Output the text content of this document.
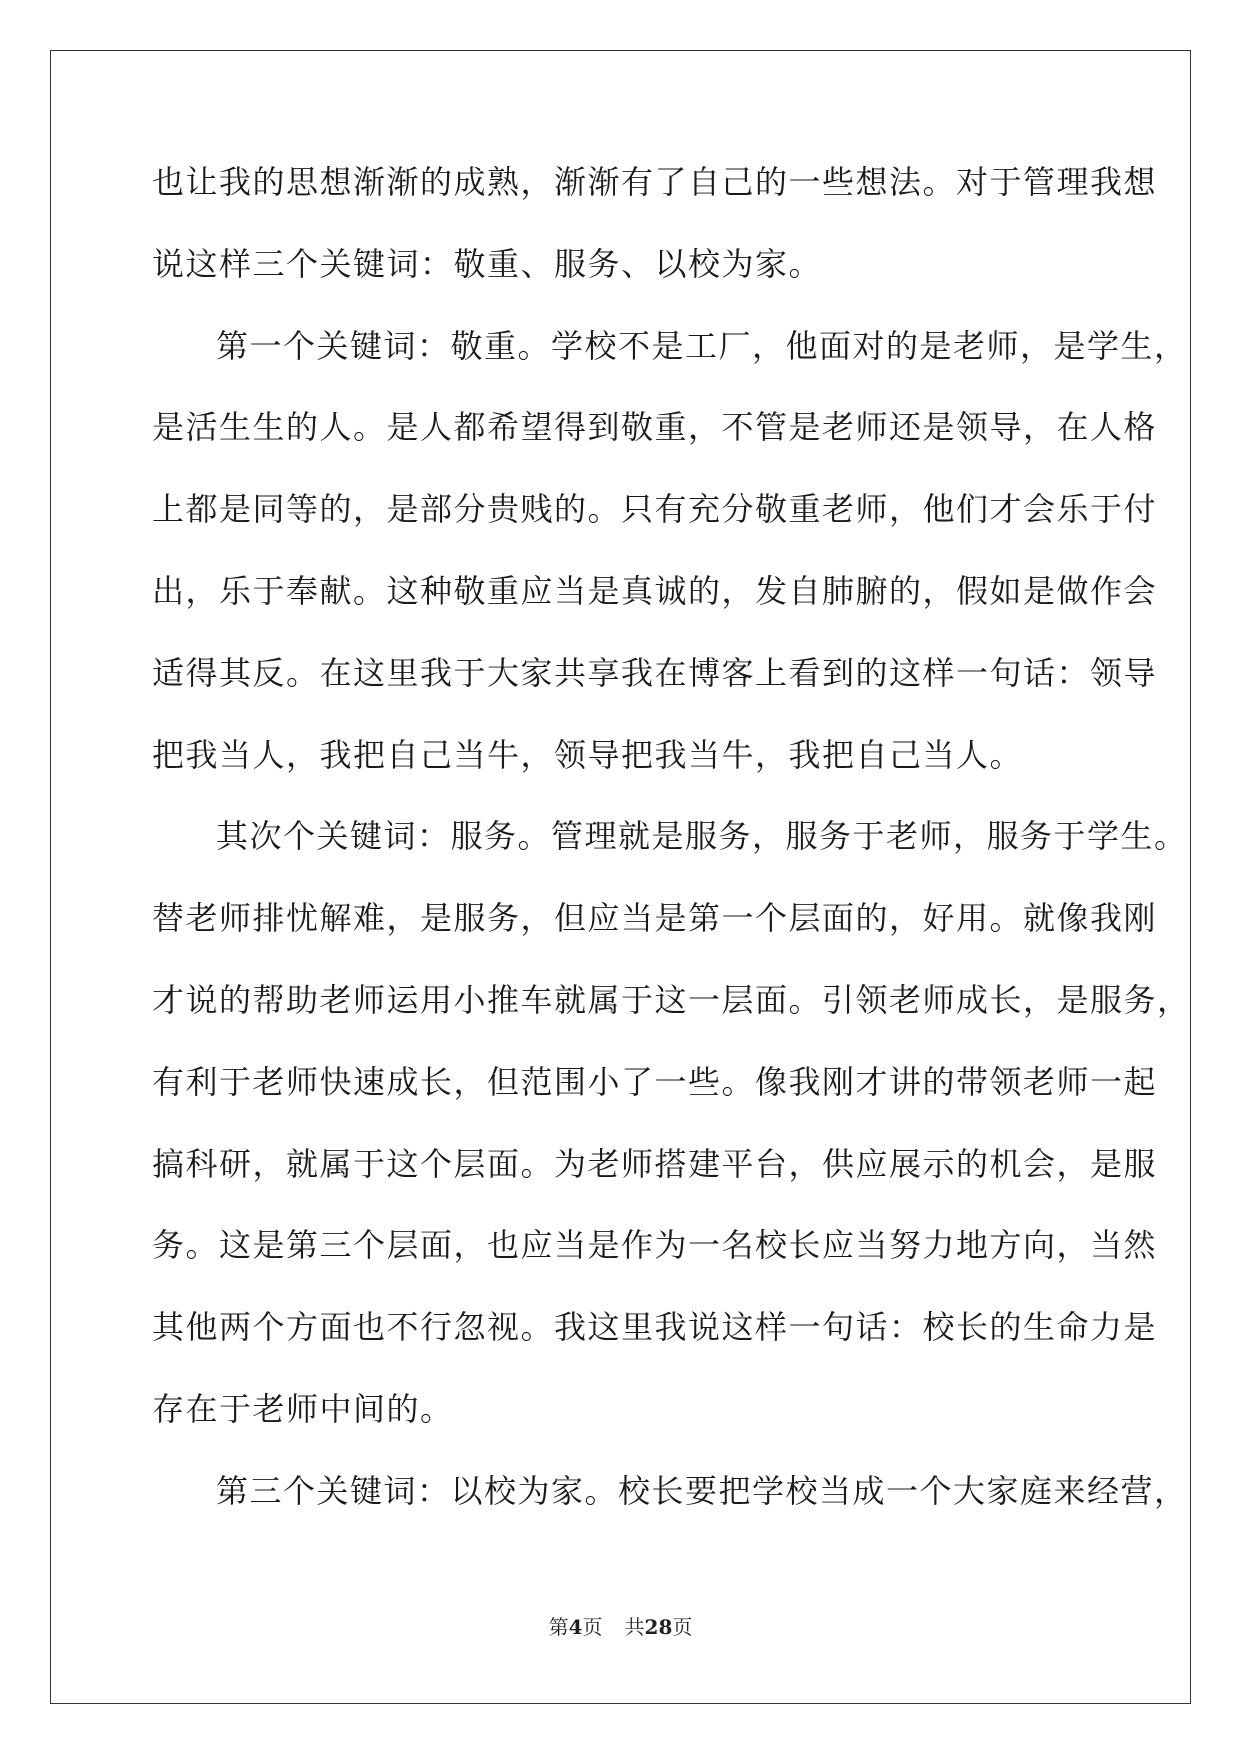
也让我的思想渐渐的成熟，渐渐有了自己的一些想法。对于管理我想
说这样三个关键词：敬重、服务、以校为家。
第一个关键词：敬重。学校不是工厂，他面对的是老师，是学生，
是活生生的人。是人都希望得到敬重，不管是老师还是领导，在人格
上都是同等的，是部分贵贱的。只有充分敬重老师，他们才会乐于付
出，乐于奉献。这种敬重应当是真诚的，发自肺腑的，假如是做作会
适得其反。在这里我于大家共享我在博客上看到的这样一句话：领导
把我当人，我把自己当牛，领导把我当牛，我把自己当人。
其次个关键词：服务。管理就是服务，服务于老师，服务于学生。
替老师排忧解难，是服务，但应当是第一个层面的，好用。就像我刚
才说的帮助老师运用小推车就属于这一层面。引领老师成长，是服务，
有利于老师快速成长，但范围小了一些。像我刚才讲的带领老师一起
搞科研，就属于这个层面。为老师搭建平台，供应展示的机会，是服
务。这是第三个层面，也应当是作为一名校长应当努力地方向，当然
其他两个方面也不行忽视。我这里我说这样一句话：校长的生命力是
存在于老师中间的。
第三个关键词：以校为家。校长要把学校当成一个大家庭来经营，
第4页 共28页
